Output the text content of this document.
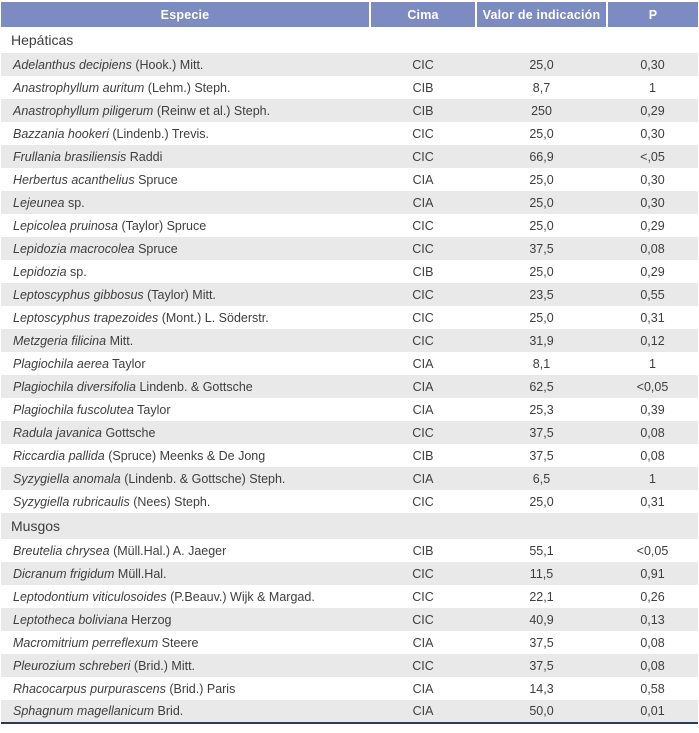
Especie	Cima	Valor de indicación	P
Hepáticas			
Adelanthus decipiens (Hook.) Mitt.	CIC	25,0	0,30
Anastrophyllum auritum (Lehm.) Steph.	CIB	8,7	1
Anastrophyllum piligerum (Reinw et al.) Steph.	CIB	250	0,29
Bazzania hookeri (Lindenb.) Trevis.	CIC	25,0	0,30
Frullania brasiliensis Raddi	CIC	66,9	<,05
Herbertus acanthelius Spruce	CIA	25,0	0,30
Lejeunea sp.	CIA	25,0	0,30
Lepicolea pruinosa (Taylor) Spruce	CIC	25,0	0,29
Lepidozia macrocolea Spruce	CIC	37,5	0,08
Lepidozia sp.	CIB	25,0	0,29
Leptoscyphus gibbosus (Taylor) Mitt.	CIC	23,5	0,55
Leptoscyphus trapezoides (Mont.) L. Söderstr.	CIC	25,0	0,31
Metzgeria filicina Mitt.	CIC	31,9	0,12
Plagiochila aerea Taylor	CIA	8,1	1
Plagiochila diversifolia Lindenb. & Gottsche	CIA	62,5	<0,05
Plagiochila fuscolutea Taylor	CIA	25,3	0,39
Radula javanica Gottsche	CIC	37,5	0,08
Riccardia pallida (Spruce) Meenks & De Jong	CIB	37,5	0,08
Syzygiella anomala (Lindenb. & Gottsche) Steph.	CIA	6,5	1
Syzygiella rubricaulis (Nees) Steph.	CIC	25,0	0,31
Musgos			
Breutelia chrysea (Müll.Hal.) A. Jaeger	CIB	55,1	<0,05
Dicranum frigidum Müll.Hal.	CIC	11,5	0,91
Leptodontium viticulosoides (P.Beauv.) Wijk & Margad.	CIC	22,1	0,26
Leptotheca boliviana Herzog	CIC	40,9	0,13
Macromitrium perreflexum Steere	CIA	37,5	0,08
Pleurozium schreberi (Brid.) Mitt.	CIC	37,5	0,08
Rhacocarpus purpurascens (Brid.) Paris	CIA	14,3	0,58
Sphagnum magellanicum Brid.	CIA	50,0	0,01
